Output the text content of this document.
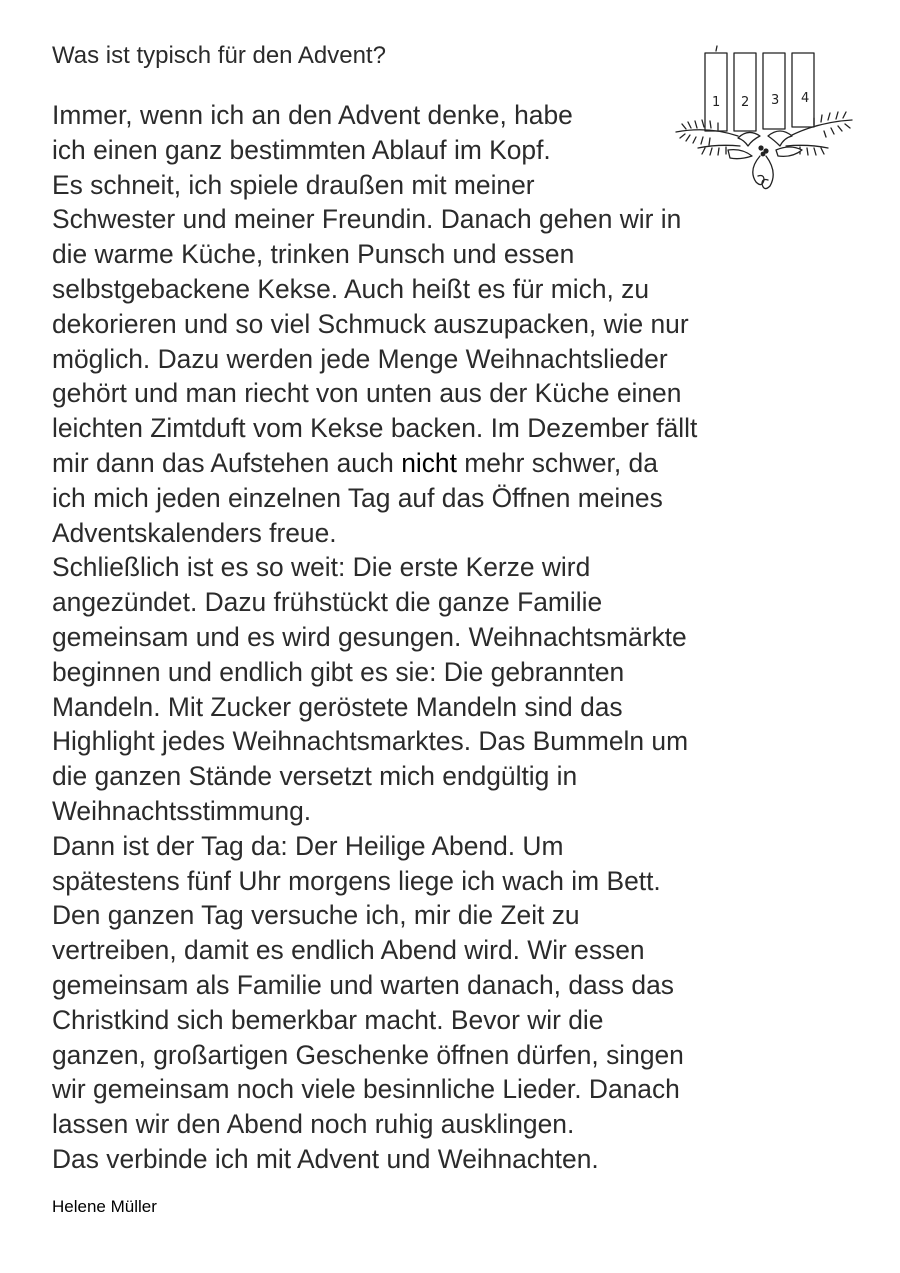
Was ist typisch für den Advent?
1 2 3 4
Immer, wenn ich an den Advent denke, habe
ich einen ganz bestimmten Ablauf im Kopf.
Es schneit, ich spiele draußen mit meiner
Schwester und meiner Freundin. Danach gehen wir in
die warme Küche, trinken Punsch und essen
selbstgebackene Kekse. Auch heißt es für mich, zu
dekorieren und so viel Schmuck auszupacken, wie nur
möglich. Dazu werden jede Menge Weihnachtslieder
gehört und man riecht von unten aus der Küche einen
leichten Zimtduft vom Kekse backen. Im Dezember fällt
mir dann das Aufstehen auch nicht mehr schwer, da
ich mich jeden einzelnen Tag auf das Öffnen meines
Adventskalenders freue.
Schließlich ist es so weit: Die erste Kerze wird
angezündet. Dazu frühstückt die ganze Familie
gemeinsam und es wird gesungen. Weihnachtsmärkte
beginnen und endlich gibt es sie: Die gebrannten
Mandeln. Mit Zucker geröstete Mandeln sind das
Highlight jedes Weihnachtsmarktes. Das Bummeln um
die ganzen Stände versetzt mich endgültig in
Weihnachtsstimmung.
Dann ist der Tag da: Der Heilige Abend. Um
spätestens fünf Uhr morgens liege ich wach im Bett.
Den ganzen Tag versuche ich, mir die Zeit zu
vertreiben, damit es endlich Abend wird. Wir essen
gemeinsam als Familie und warten danach, dass das
Christkind sich bemerkbar macht. Bevor wir die
ganzen, großartigen Geschenke öffnen dürfen, singen
wir gemeinsam noch viele besinnliche Lieder. Danach
lassen wir den Abend noch ruhig ausklingen.
Das verbinde ich mit Advent und Weihnachten.
Helene Müller
